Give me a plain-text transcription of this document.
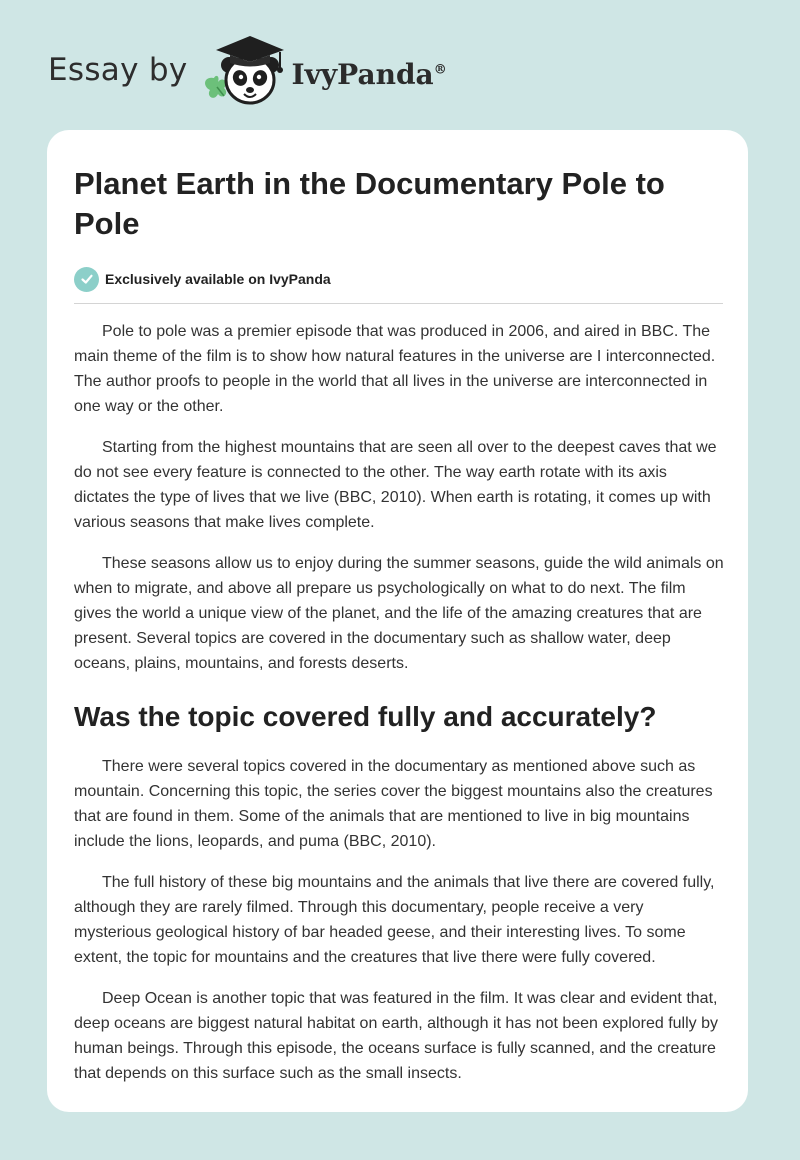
Essay by	IvyPanda®
Planet Earth in the Documentary Pole to Pole
Exclusively available on IvyPanda

Pole to pole was a premier episode that was produced in 2006, and aired in BBC. The main theme of the film is to show how natural features in the universe are I interconnected. The author proofs to people in the world that all lives in the universe are interconnected in one way or the other.

Starting from the highest mountains that are seen all over to the deepest caves that we do not see every feature is connected to the other. The way earth rotate with its axis dictates the type of lives that we live (BBC, 2010). When earth is rotating, it comes up with various seasons that make lives complete.

These seasons allow us to enjoy during the summer seasons, guide the wild animals on when to migrate, and above all prepare us psychologically on what to do next. The film gives the world a unique view of the planet, and the life of the amazing creatures that are present. Several topics are covered in the documentary such as shallow water, deep oceans, plains, mountains, and forests deserts.

Was the topic covered fully and accurately?

There were several topics covered in the documentary as mentioned above such as mountain. Concerning this topic, the series cover the biggest mountains also the creatures that are found in them. Some of the animals that are mentioned to live in big mountains include the lions, leopards, and puma (BBC, 2010).

The full history of these big mountains and the animals that live there are covered fully, although they are rarely filmed. Through this documentary, people receive a very mysterious geological history of bar headed geese, and their interesting lives. To some extent, the topic for mountains and the creatures that live there were fully covered.

Deep Ocean is another topic that was featured in the film. It was clear and evident that, deep oceans are biggest natural habitat on earth, although it has not been explored fully by human beings. Through this episode, the oceans surface is fully scanned, and the creature that depends on this surface such as the small insects.
